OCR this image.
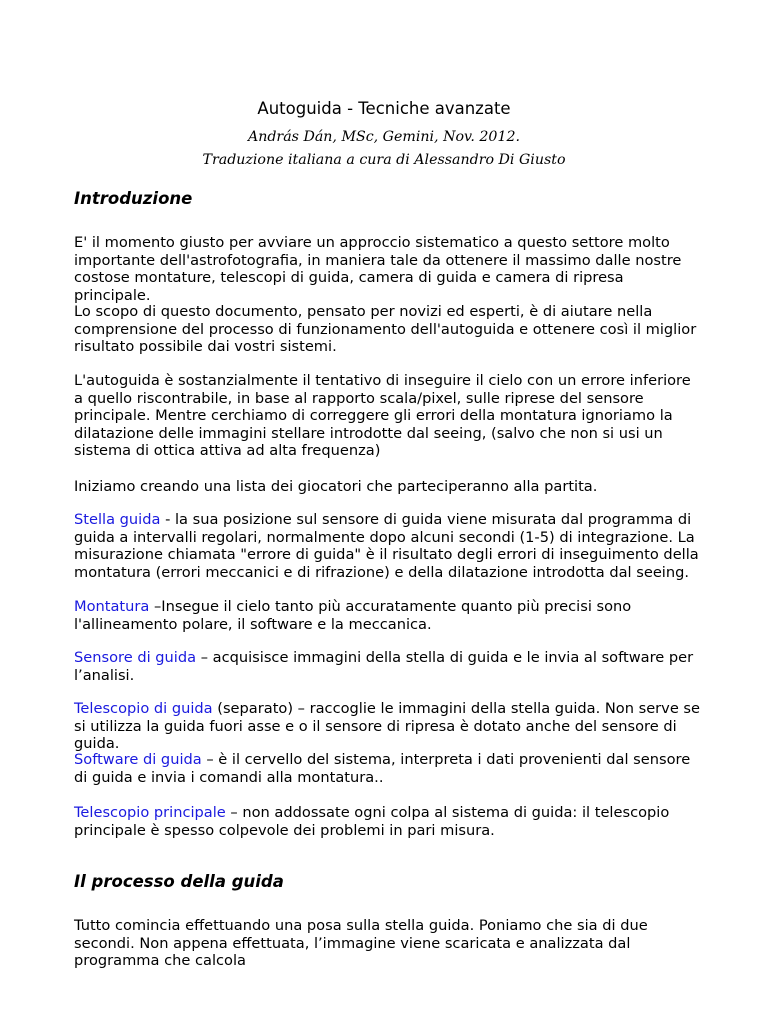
Autoguida - Tecniche avanzate
András Dán, MSc, Gemini, Nov. 2012.
Traduzione italiana a cura di Alessandro Di Giusto
Introduzione

E' il momento giusto per avviare un approccio sistematico a questo settore molto importante dell'astrofotografia, in maniera tale da ottenere il massimo dalle nostre costose montature, telescopi di guida, camera di guida e camera di ripresa principale.

Lo scopo di questo documento, pensato per novizi ed esperti, è di aiutare nella comprensione del processo di funzionamento dell'autoguida e ottenere così il miglior risultato possibile dai vostri sistemi.

L'autoguida è sostanzialmente il tentativo di inseguire il cielo con un errore inferiore a quello riscontrabile, in base al rapporto scala/pixel, sulle riprese del sensore principale. Mentre cerchiamo di correggere gli errori della montatura ignoriamo la dilatazione delle immagini stellare introdotte dal seeing, (salvo che non si usi un sistema di ottica attiva ad alta frequenza)

Iniziamo creando una lista dei giocatori che parteciperanno alla partita.

Stella guida - la sua posizione sul sensore di guida viene misurata dal programma di guida a intervalli regolari, normalmente dopo alcuni secondi (1-5) di integrazione. La misurazione chiamata "errore di guida" è il risultato degli errori di inseguimento della montatura (errori meccanici e di rifrazione) e della dilatazione introdotta dal seeing.

Montatura –Insegue il cielo tanto più accuratamente quanto più precisi sono l'allineamento polare, il software e la meccanica.

Sensore di guida – acquisisce immagini della stella di guida e le invia al software per l’analisi.

Telescopio di guida (separato) – raccoglie le immagini della stella guida. Non serve se si utilizza la guida fuori asse e o il sensore di ripresa è dotato anche del sensore di guida.

Software di guida – è il cervello del sistema, interpreta i dati provenienti dal sensore di guida e invia i comandi alla montatura..

Telescopio principale – non addossate ogni colpa al sistema di guida: il telescopio principale è spesso colpevole dei problemi in pari misura.

Il processo della guida

Tutto comincia effettuando una posa sulla stella guida. Poniamo che sia di due secondi. Non appena effettuata, l’immagine viene scaricata e analizzata dal programma che calcola
